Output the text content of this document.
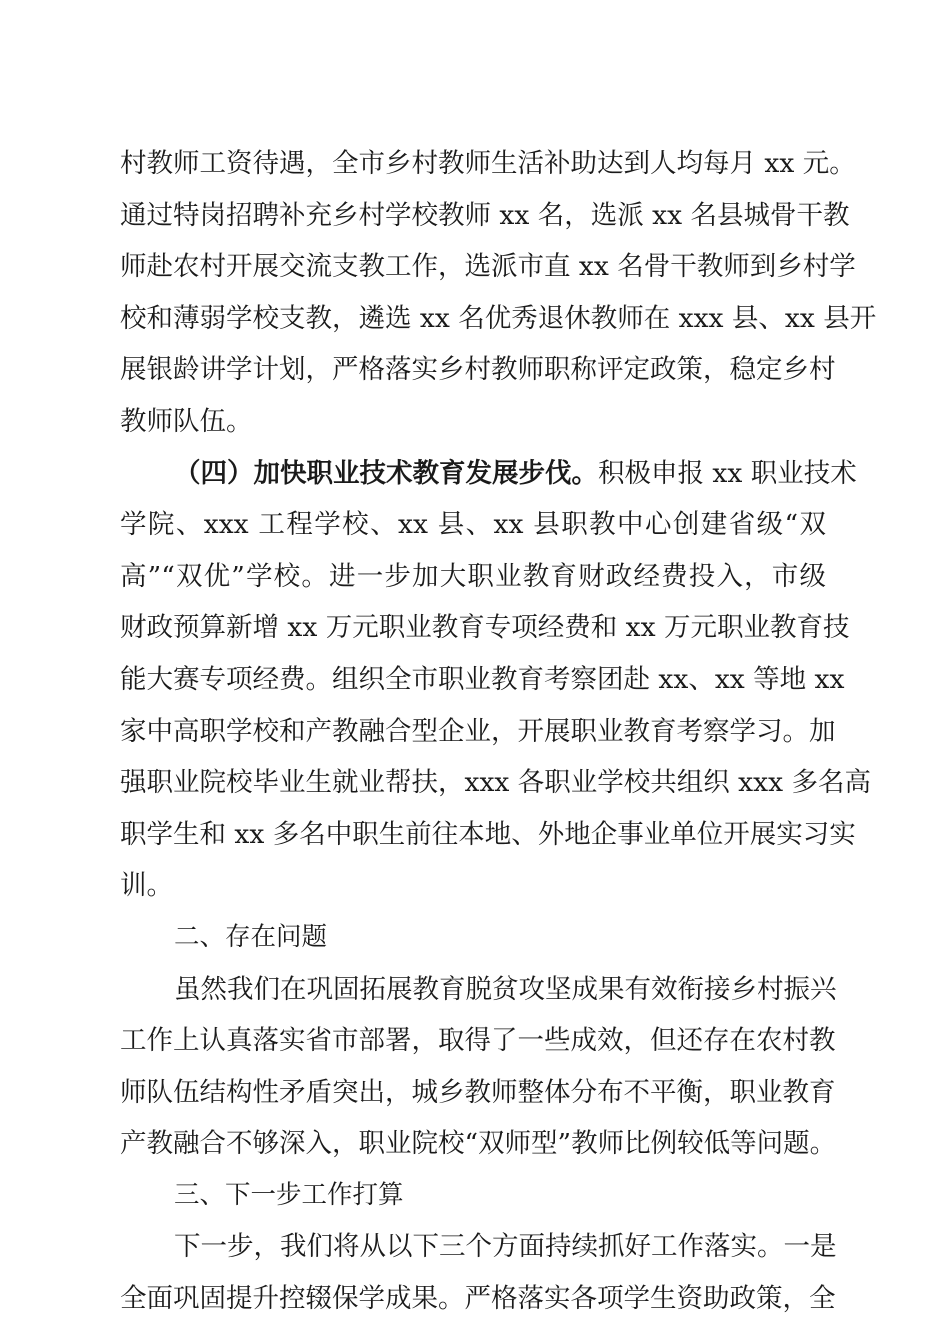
村教师工资待遇，全市乡村教师生活补助达到人均每月 xx 元。
通过特岗招聘补充乡村学校教师 xx 名，选派 xx 名县城骨干教
师赴农村开展交流支教工作，选派市直 xx 名骨干教师到乡村学
校和薄弱学校支教，遴选 xx 名优秀退休教师在 xxx 县、xx 县开
展银龄讲学计划，严格落实乡村教师职称评定政策，稳定乡村
教师队伍。
（四）加快职业技术教育发展步伐。积极申报 xx 职业技术
学院、xxx 工程学校、xx 县、xx 县职教中心创建省级“双
高”“双优”学校。进一步加大职业教育财政经费投入，市级
财政预算新增 xx 万元职业教育专项经费和 xx 万元职业教育技
能大赛专项经费。组织全市职业教育考察团赴 xx、xx 等地 xx
家中高职学校和产教融合型企业，开展职业教育考察学习。加
强职业院校毕业生就业帮扶，xxx 各职业学校共组织 xxx 多名高
职学生和 xx 多名中职生前往本地、外地企事业单位开展实习实
训。
二、存在问题
虽然我们在巩固拓展教育脱贫攻坚成果有效衔接乡村振兴
工作上认真落实省市部署，取得了一些成效，但还存在农村教
师队伍结构性矛盾突出，城乡教师整体分布不平衡，职业教育
产教融合不够深入，职业院校“双师型”教师比例较低等问题。
三、下一步工作打算
下一步，我们将从以下三个方面持续抓好工作落实。一是
全面巩固提升控辍保学成果。严格落实各项学生资助政策，全
